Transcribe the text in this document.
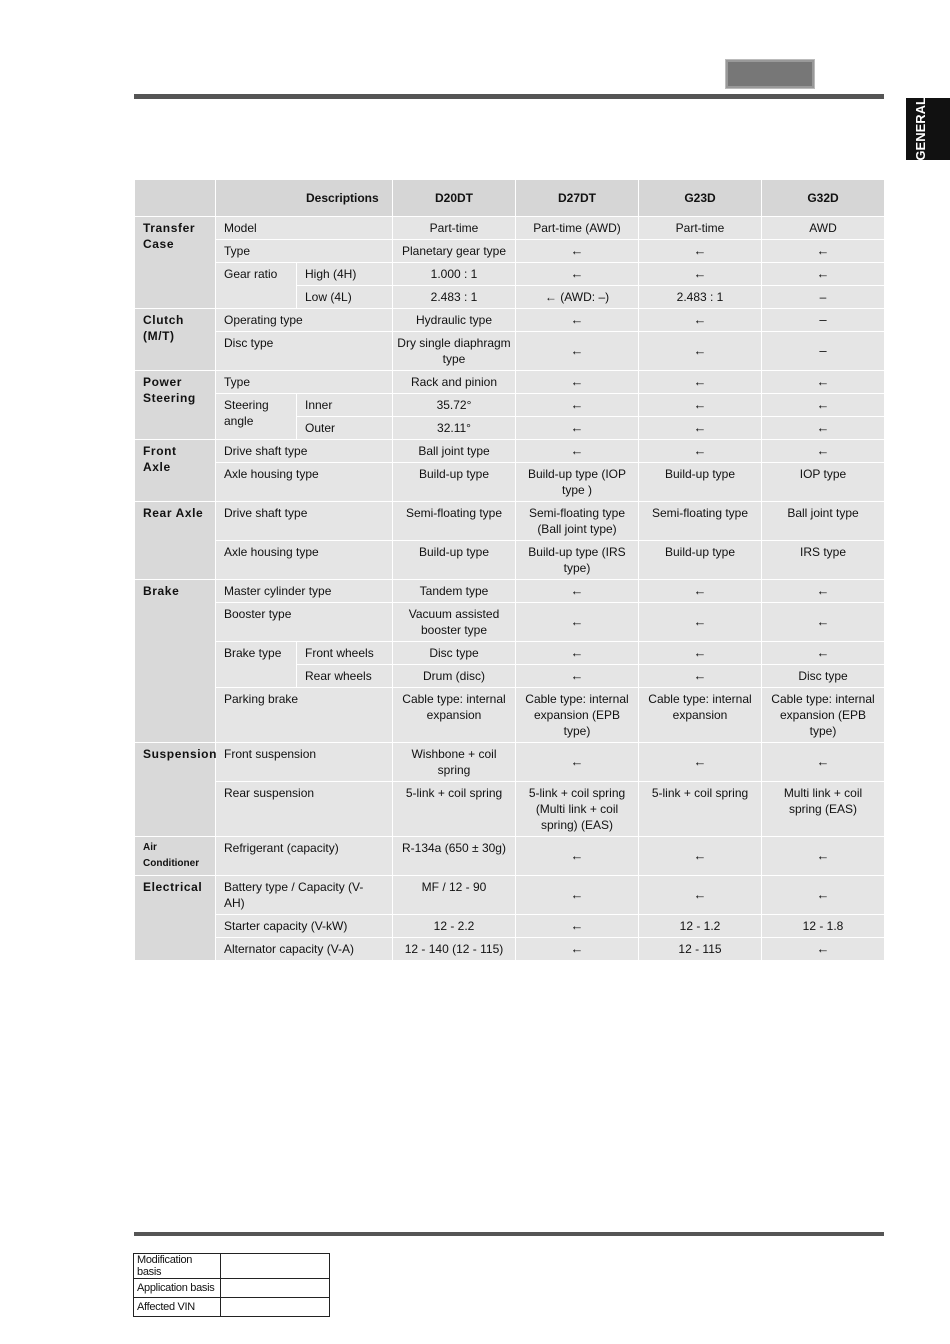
GENERAL
	Descriptions		D20DT	D27DT	G23D	G32D
Transfer Case	Model		Part-time	Part-time (AWD)	Part-time	AWD
	Type		Planetary gear type	←	←	←
	Gear ratio	High (4H)	1.000 : 1	←	←	←
		Low (4L)	2.483 : 1	← (AWD: –)	2.483 : 1	–
Clutch (M/T)	Operating type		Hydraulic type	←	←	–
	Disc type		Dry single diaphragm type	←	←	–
Power Steering	Type		Rack and pinion	←	←	←
	Steering angle	Inner	35.72°	←	←	←
		Outer	32.11°	←	←	←
Front Axle	Drive shaft type		Ball joint type	←	←	←
	Axle housing type		Build-up type	Build-up type (IOP type )	Build-up type	IOP type
Rear Axle	Drive shaft type		Semi-floating type	Semi-floating type (Ball joint type)	Semi-floating type	Ball joint type
	Axle housing type		Build-up type	Build-up type (IRS type)	Build-up type	IRS type
Brake	Master cylinder type		Tandem type	←	←	←
	Booster type		Vacuum assisted booster type	←	←	←
	Brake type	Front wheels	Disc type	←	←	←
		Rear wheels	Drum (disc)	←	←	Disc type
	Parking brake		Cable type: internal expansion	Cable type: internal expansion (EPB type)	Cable type: internal expansion	Cable type: internal expansion (EPB type)
Suspension	Front suspension		Wishbone + coil spring	←	←	←
	Rear suspension		5-link + coil spring	5-link + coil spring (Multi link + coil spring) (EAS)	5-link + coil spring	Multi link + coil spring (EAS)
Air Conditioner	Refrigerant (capacity)		R-134a (650 ± 30g)	←	←	←
Electrical	Battery type / Capacity (V-AH)		MF / 12 - 90	←	←	←
	Starter capacity (V-kW)		12 - 2.2	←	12 - 1.2	12 - 1.8
	Alternator capacity (V-A)		12 - 140 (12 - 115)	←	12 - 115	←
Modification basis	
Application basis	
Affected VIN	
